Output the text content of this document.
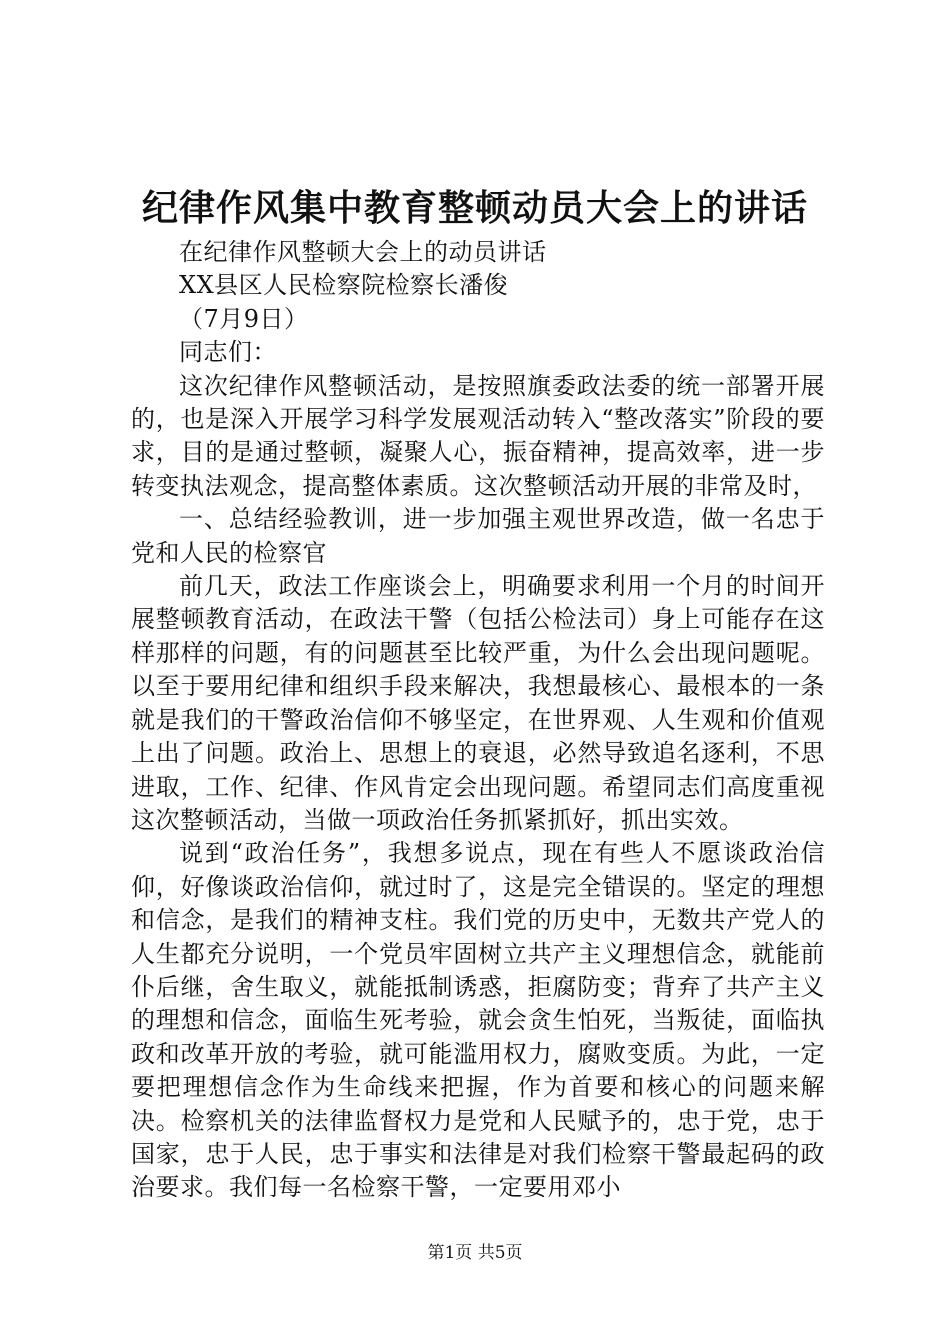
纪律作风集中教育整顿动员大会上的讲话

在纪律作风整顿大会上的动员讲话

XX县区人民检察院检察长潘俊

（7月9日）

同志们：

这次纪律作风整顿活动，是按照旗委政法委的统一部署开展的，也是深入开展学习科学发展观活动转入“整改落实”阶段的要求，目的是通过整顿，凝聚人心，振奋精神，提高效率，进一步转变执法观念，提高整体素质。这次整顿活动开展的非常及时，

一、总结经验教训，进一步加强主观世界改造，做一名忠于党和人民的检察官

前几天，政法工作座谈会上，明确要求利用一个月的时间开展整顿教育活动，在政法干警（包括公检法司）身上可能存在这样那样的问题，有的问题甚至比较严重，为什么会出现问题呢。以至于要用纪律和组织手段来解决，我想最核心、最根本的一条就是我们的干警政治信仰不够坚定，在世界观、人生观和价值观上出了问题。政治上、思想上的衰退，必然导致追名逐利，不思进取，工作、纪律、作风肯定会出现问题。希望同志们高度重视这次整顿活动，当做一项政治任务抓紧抓好，抓出实效。

说到“政治任务”，我想多说点，现在有些人不愿谈政治信仰，好像谈政治信仰，就过时了，这是完全错误的。坚定的理想和信念，是我们的精神支柱。我们党的历史中，无数共产党人的人生都充分说明，一个党员牢固树立共产主义理想信念，就能前仆后继，舍生取义，就能抵制诱惑，拒腐防变；背弃了共产主义的理想和信念，面临生死考验，就会贪生怕死，当叛徒，面临执政和改革开放的考验，就可能滥用权力，腐败变质。为此，一定要把理想信念作为生命线来把握，作为首要和核心的问题来解决。检察机关的法律监督权力是党和人民赋予的，忠于党，忠于国家，忠于人民，忠于事实和法律是对我们检察干警最起码的政治要求。我们每一名检察干警，一定要用邓小

第1页 共5页
